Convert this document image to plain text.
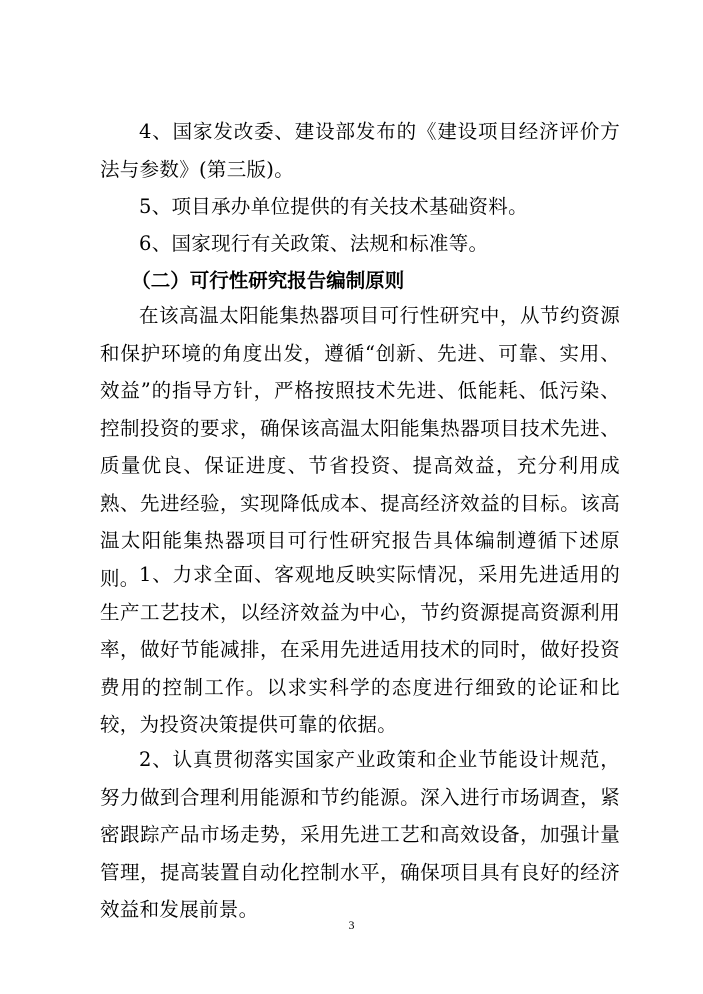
4、国家发改委、建设部发布的《建设项目经济评价方法与参数》(第三版)。

5、项目承办单位提供的有关技术基础资料。

6、国家现行有关政策、法规和标准等。

（二）可行性研究报告编制原则

在该高温太阳能集热器项目可行性研究中，从节约资源和保护环境的角度出发，遵循“创新、先进、可靠、实用、效益”的指导方针，严格按照技术先进、低能耗、低污染、控制投资的要求，确保该高温太阳能集热器项目技术先进、质量优良、保证进度、节省投资、提高效益，充分利用成熟、先进经验，实现降低成本、提高经济效益的目标。该高温太阳能集热器项目可行性研究报告具体编制遵循下述原则。 1、力求全面、客观地反映实际情况，采用先进适用的生产工艺技术，以经济效益为中心，节约资源提高资源利用率，做好节能减排，在采用先进适用技术的同时，做好投资费用的控制工作。以求实科学的态度进行细致的论证和比较，为投资决策提供可靠的依据。

2、认真贯彻落实国家产业政策和企业节能设计规范，努力做到合理利用能源和节约能源。深入进行市场调查，紧密跟踪产品市场走势，采用先进工艺和高效设备，加强计量管理，提高装置自动化控制水平，确保项目具有良好的经济效益和发展前景。

3
